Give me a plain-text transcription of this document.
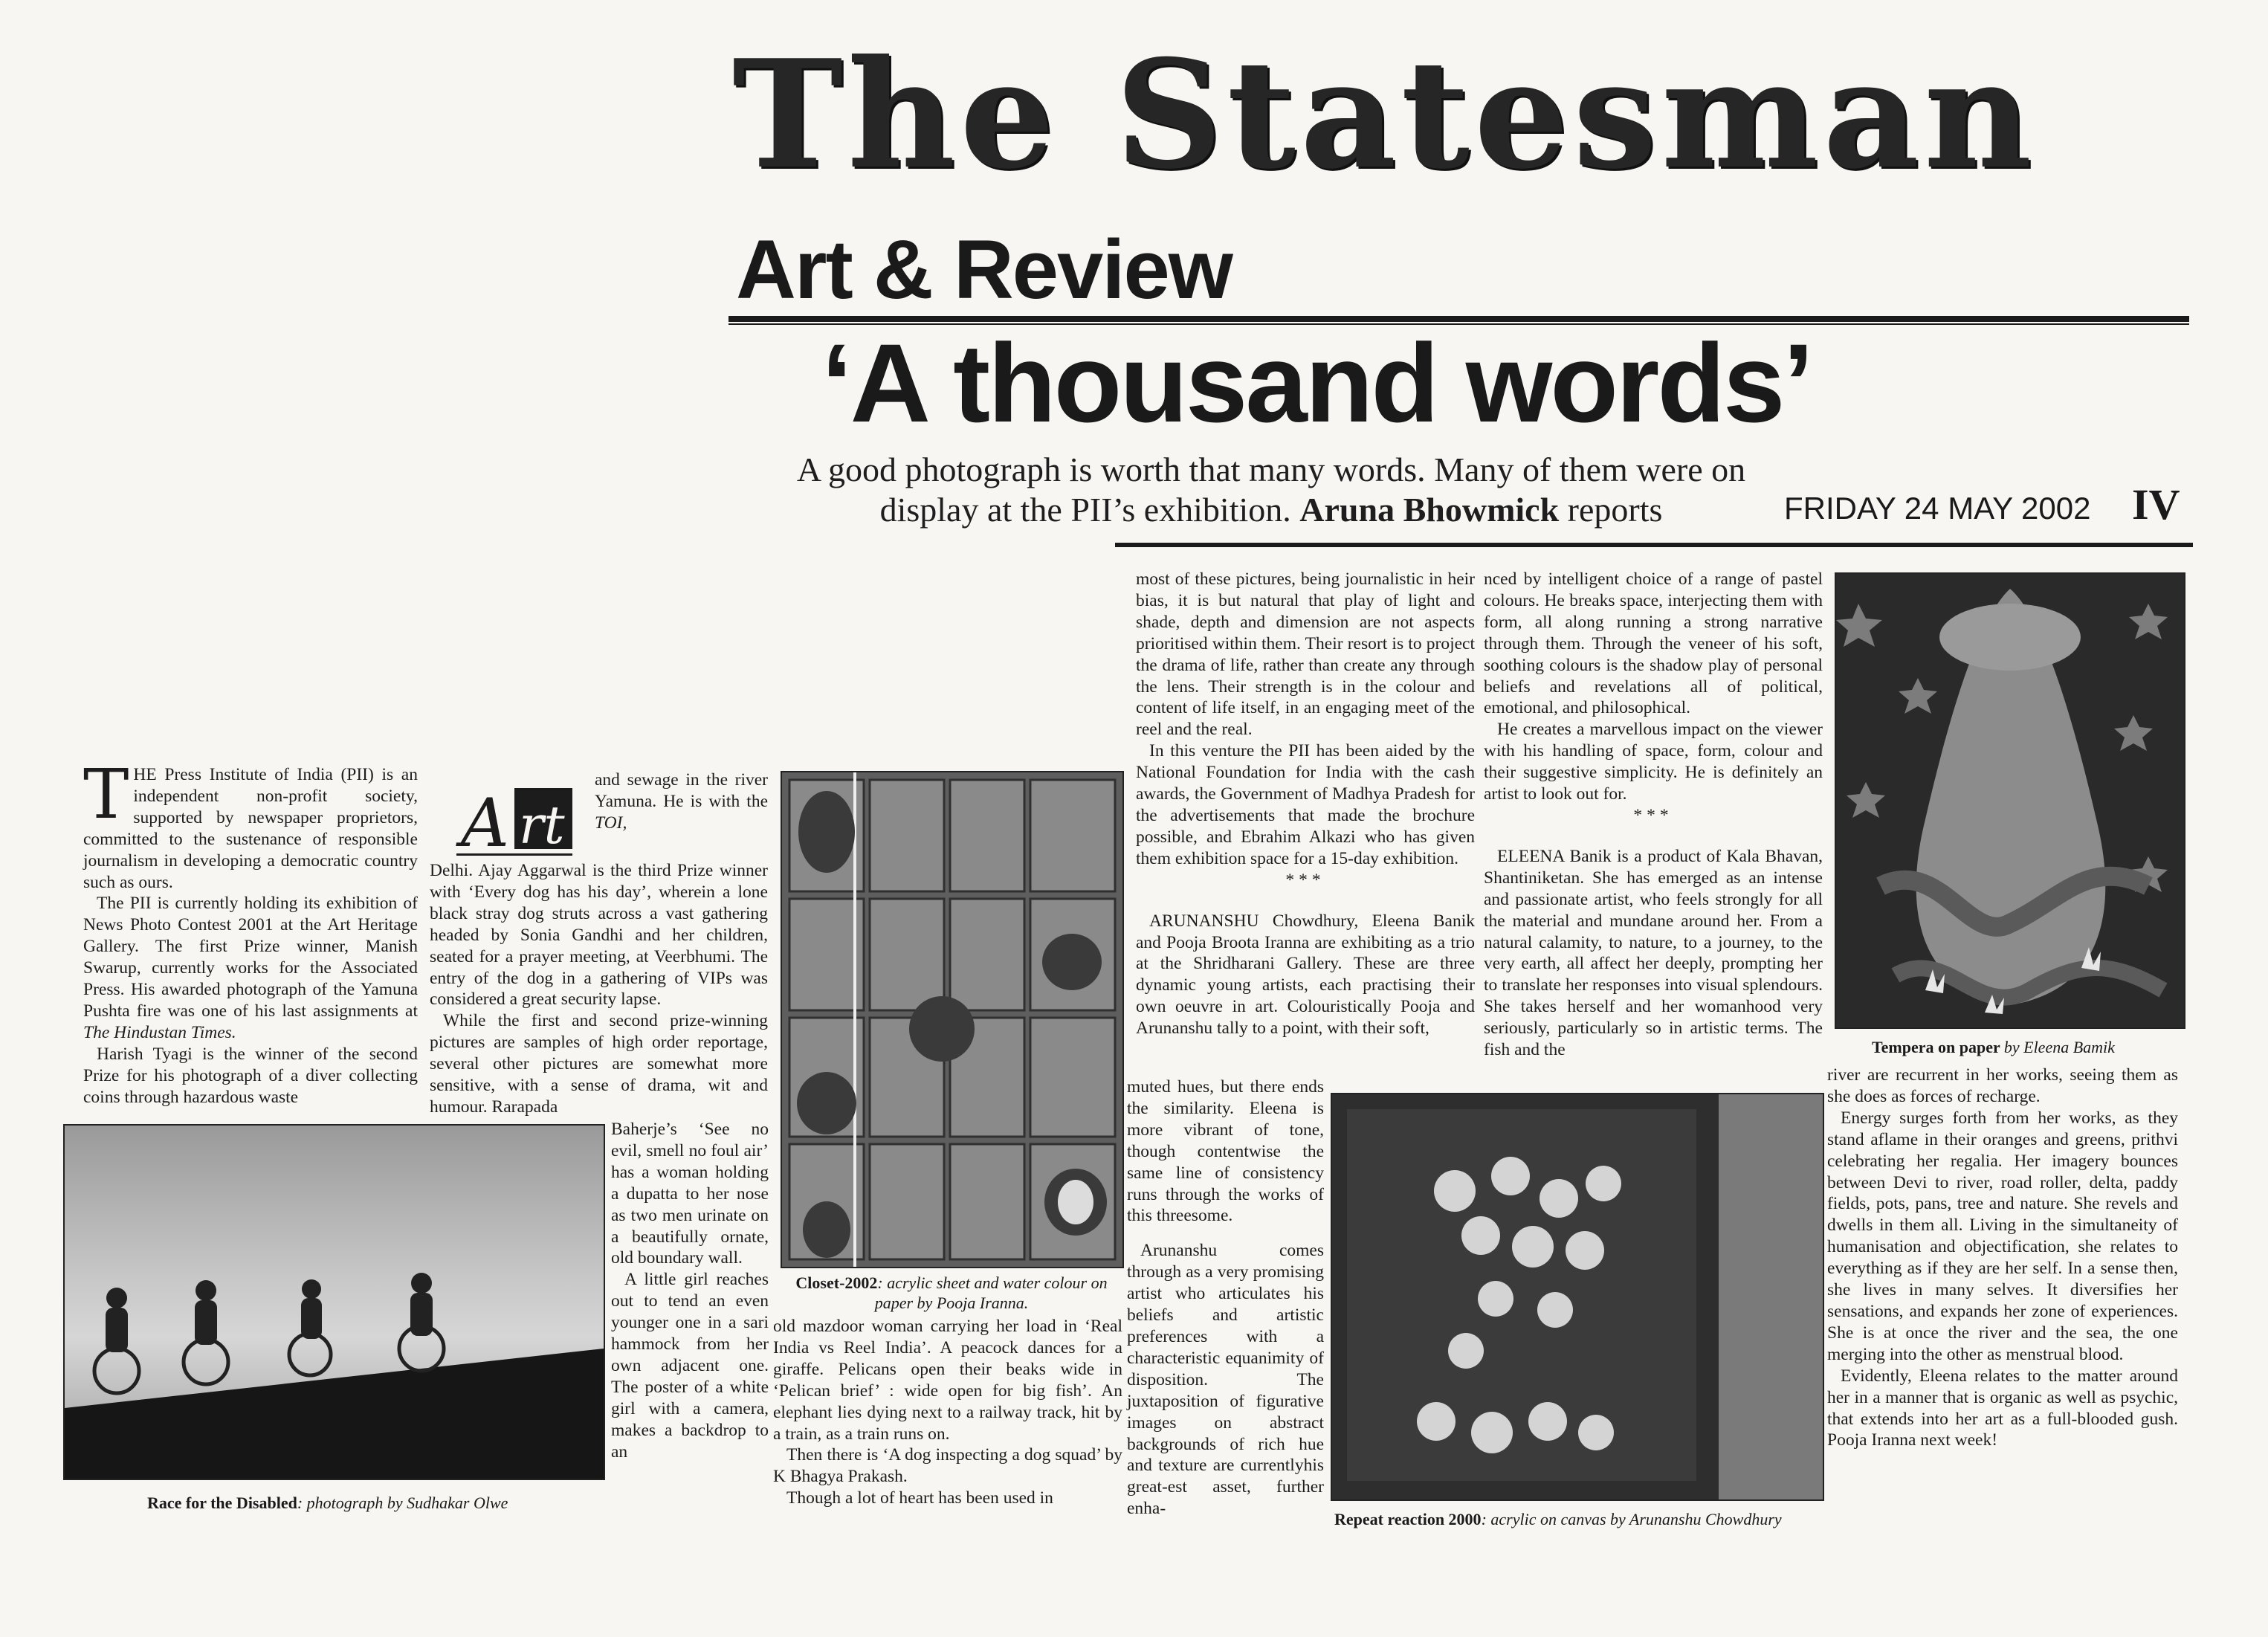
The Statesman
Art & Review
‘A thousand words’
A good photograph is worth that many words. Many of them were on
display at the PII’s exhibition. Aruna Bhowmick reports	FRIDAY 24 MAY 2002 IV

THE Press Institute of India (PII) is an independent non-profit society, supported by newspaper proprietors, committed to the sustenance of responsible journalism in developing a democratic country such as ours.

The PII is currently holding its exhibition of News Photo Contest 2001 at the Art Heritage Gallery. The first Prize winner, Manish Swarup, currently works for the Associated Press. His awarded photograph of the Yamuna Pushta fire was one of his last assignments at The Hindustan Times.

Harish Tyagi is the winner of the second Prize for his photograph of a diver collecting coins through hazardous waste

A rt

and sewage in the river Yamuna. He is with the TOI,

Delhi. Ajay Aggarwal is the third Prize winner with ‘Every dog has his day’, wherein a lone black stray dog struts across a vast gathering headed by Sonia Gandhi and her children, seated for a prayer meeting, at Veerbhumi. The entry of the dog in a gathering of VIPs was considered a great security lapse.

While the first and second prize-winning pictures are samples of high order reportage, several other pictures are somewhat more sensitive, with a sense of drama, wit and humour. Rarapada

Baherje’s ‘See no evil, smell no foul air’ has a woman holding a dupatta to her nose as two men urinate on a beautifully ornate, old boundary wall.

A little girl reaches out to tend an even younger one in a sari hammock from her own adjacent one. The poster of a white girl with a camera, makes a backdrop to an

Race for the Disabled: photograph by Sudhakar Olwe
Closet-2002: acrylic sheet and water colour on paper by Pooja Iranna.

old mazdoor woman carrying her load in ‘Real India vs Reel India’. A peacock dances for a giraffe. Pelicans open their beaks wide in ‘Pelican brief’ : wide open for big fish’. An elephant lies dying next to a railway track, hit by a train, as a train runs on.

Then there is ‘A dog inspecting a dog squad’ by K Bhagya Prakash.

Though a lot of heart has been used in

most of these pictures, being journalistic in heir bias, it is but natural that play of light and shade, depth and dimension are not aspects prioritised within them. Their resort is to project the drama of life, rather than create any through the lens. Their strength is in the colour and content of life itself, in an engaging meet of the reel and the real.

In this venture the PII has been aided by the National Foundation for India with the cash awards, the Government of Madhya Pradesh for the advertisements that made the brochure possible, and Ebrahim Alkazi who has given them exhibition space for a 15-day exhibition.

***

ARUNANSHU Chowdhury, Eleena Banik and Pooja Broota Iranna are exhibiting as a trio at the Shridharani Gallery. These are three dynamic young artists, each practising their own oeuvre in art. Colouristically Pooja and Arunanshu tally to a point, with their soft,

muted hues, but there ends the similarity. Eleena is more vibrant of tone, though contentwise the same line of consistency runs through the works of this threesome.

Arunanshu comes through as a very promising artist who articulates his beliefs and artistic preferences with a characteristic equanimity of disposition. The juxtaposition of figurative images on abstract backgrounds of rich hue and texture are currentlyhis great-est asset, further enha-

Repeat reaction 2000: acrylic on canvas by Arunanshu Chowdhury

nced by intelligent choice of a range of pastel colours. He breaks space, interjecting them with form, all along running a strong narrative through them. Through the veneer of his soft, soothing colours is the shadow play of personal beliefs and revelations all of political, emotional, and philosophical.

He creates a marvellous impact on the viewer with his handling of space, form, colour and their suggestive simplicity. He is definitely an artist to look out for.

***

ELEENA Banik is a product of Kala Bhavan, Shantiniketan. She has emerged as an intense and passionate artist, who feels strongly for all the material and mundane around her. From a natural calamity, to nature, to a journey, to the very earth, all affect her deeply, prompting her to translate her responses into visual splendours. She takes herself and her womanhood very seriously, particularly so in artistic terms. The fish and the	Tempera on paper by Eleena Bamik

river are recurrent in her works, seeing them as she does as forces of recharge.

Energy surges forth from her works, as they stand aflame in their oranges and greens, prithvi celebrating her regalia. Her imagery bounces between Devi to river, road roller, delta, paddy fields, pots, pans, tree and nature. She revels and dwells in them all. Living in the simultaneity of humanisation and objectification, she relates to everything as if they are her self. In a sense then, she lives in many selves. It diversifies her sensations, and expands her zone of experiences. She is at once the river and the sea, the one merging into the other as menstrual blood.

Evidently, Eleena relates to the matter around her in a manner that is organic as well as psychic, that extends into her art as a full-blooded gush. Pooja Iranna next week!
